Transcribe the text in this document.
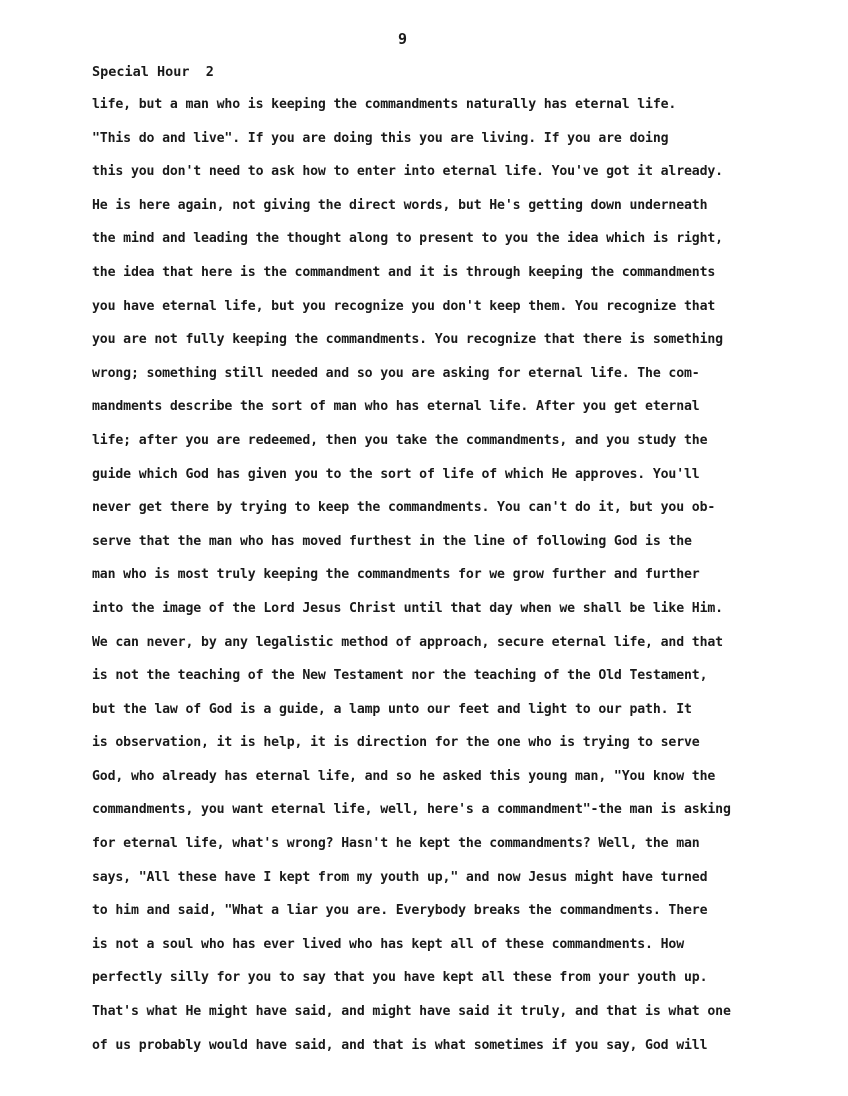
9
Special Hour  2
life, but a man who is keeping the commandments naturally has eternal life.
"This do and live". If you are doing this you are living. If you are doing
this you don't need to ask how to enter into eternal life. You've got it already.
He is here again, not giving the direct words, but He's getting down underneath
the mind and leading the thought along to present to you the idea which is right,
the idea that here is the commandment and it is through keeping the commandments
you have eternal life, but you recognize you don't keep them. You recognize that
you are not fully keeping the commandments. You recognize that there is something
wrong; something still needed and so you are asking for eternal life. The com-
mandments describe the sort of man who has eternal life. After you get eternal
life; after you are redeemed, then you take the commandments, and you study the
guide which God has given you to the sort of life of which He approves. You'll
never get there by trying to keep the commandments. You can't do it, but you ob-
serve that the man who has moved furthest in the line of following God is the
man who is most truly keeping the commandments for we grow further and further
into the image of the Lord Jesus Christ until that day when we shall be like Him.
We can never, by any legalistic method of approach, secure eternal life, and that
is not the teaching of the New Testament nor the teaching of the Old Testament,
but the law of God is a guide, a lamp unto our feet and light to our path. It
is observation, it is help, it is direction for the one who is trying to serve
God, who already has eternal life, and so he asked this young man, "You know the
commandments, you want eternal life, well, here's a commandment"-the man is asking
for eternal life, what's wrong? Hasn't he kept the commandments? Well, the man
says, "All these have I kept from my youth up," and now Jesus might have turned
to him and said, "What a liar you are. Everybody breaks the commandments. There
is not a soul who has ever lived who has kept all of these commandments. How
perfectly silly for you to say that you have kept all these from your youth up.
That's what He might have said, and might have said it truly, and that is what one
of us probably would have said, and that is what sometimes if you say, God will
